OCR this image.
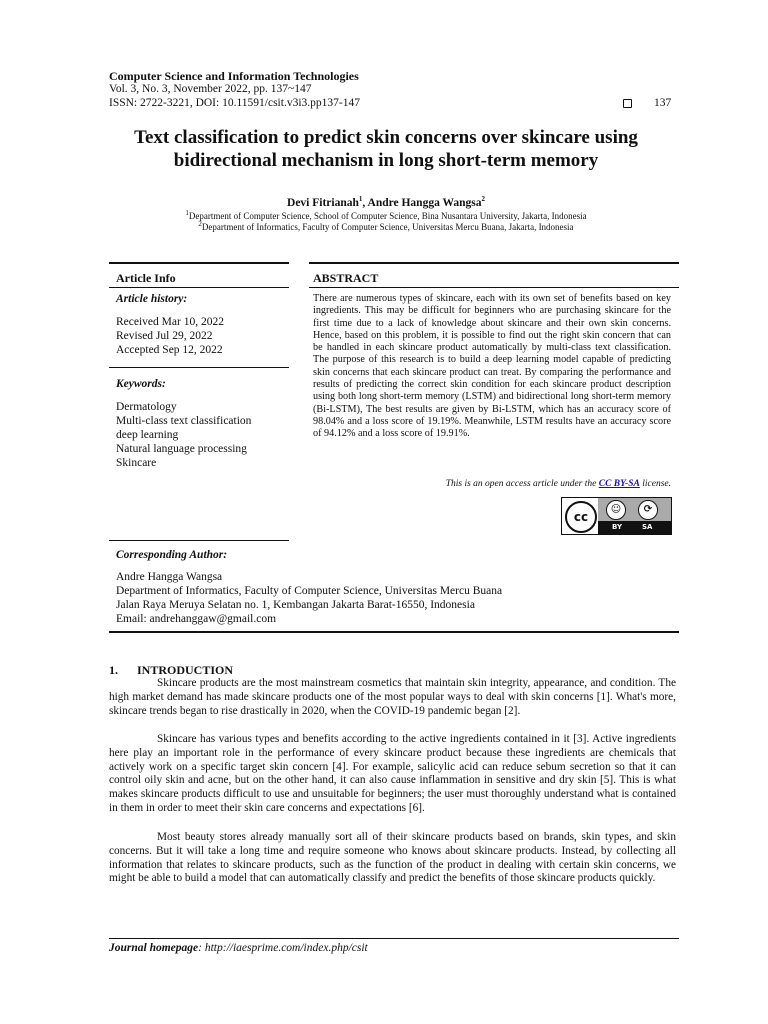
Computer Science and Information Technologies
Vol. 3, No. 3, November 2022, pp. 137~147
ISSN: 2722-3221, DOI: 10.11591/csit.v3i3.pp137-147	137
Text classification to predict skin concerns over skincare using
bidirectional mechanism in long short-term memory
Devi Fitrianah$^1$, Andre Hangga Wangsa$^2$
$^1$Department of Computer Science, School of Computer Science, Bina Nusantara University, Jakarta, Indonesia
$^2$Department of Informatics, Faculty of Computer Science, Universitas Mercu Buana, Jakarta, Indonesia
Article Info
Article history:
Received Mar 10, 2022
Revised Jul 29, 2022
Accepted Sep 12, 2022
Keywords:
Dermatology
Multi-class text classification
deep learning
Natural language processing
Skincare
ABSTRACT
There are numerous types of skincare, each with its own set of benefits based on key ingredients. This may be difficult for beginners who are purchasing skincare for the first time due to a lack of knowledge about skincare and their own skin concerns. Hence, based on this problem, it is possible to find out the right skin concern that can be handled in each skincare product automatically by multi-class text classification. The purpose of this research is to build a deep learning model capable of predicting skin concerns that each skincare product can treat. By comparing the performance and results of predicting the correct skin condition for each skincare product description using both long short-term memory (LSTM) and bidirectional long short-term memory (Bi-LSTM), The best results are given by Bi-LSTM, which has an accuracy score of 98.04% and a loss score of 19.19%. Meanwhile, LSTM results have an accuracy score of 94.12% and a loss score of 19.91%.
This is an open access article under the CC BY-SA license.
cc
☺	⟳
BY	SA
Corresponding Author:
Andre Hangga Wangsa
Department of Informatics, Faculty of Computer Science, Universitas Mercu Buana
Jalan Raya Meruya Selatan no. 1, Kembangan Jakarta Barat-16550, Indonesia
Email: andrehanggaw@gmail.com
1. INTRODUCTION
Skincare products are the most mainstream cosmetics that maintain skin integrity, appearance, and condition. The high market demand has made skincare products one of the most popular ways to deal with skin concerns [1]. What's more, skincare trends began to rise drastically in 2020, when the COVID-19 pandemic began [2].
Skincare has various types and benefits according to the active ingredients contained in it [3]. Active ingredients here play an important role in the performance of every skincare product because these ingredients are chemicals that actively work on a specific target skin concern [4]. For example, salicylic acid can reduce sebum secretion so that it can control oily skin and acne, but on the other hand, it can also cause inflammation in sensitive and dry skin [5]. This is what makes skincare products difficult to use and unsuitable for beginners; the user must thoroughly understand what is contained in them in order to meet their skin care concerns and expectations [6].
Most beauty stores already manually sort all of their skincare products based on brands, skin types, and skin concerns. But it will take a long time and require someone who knows about skincare products. Instead, by collecting all information that relates to skincare products, such as the function of the product in dealing with certain skin concerns, we might be able to build a model that can automatically classify and predict the benefits of those skincare products quickly.
Journal homepage: http://iaesprime.com/index.php/csit
